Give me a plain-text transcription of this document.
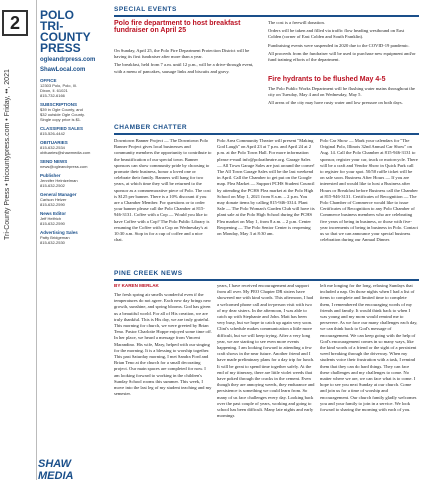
2
Tri-County Press • tricountypress.com • Friday, ••, 2021
POLO
TRI-COUNTY
PRESS
ogleandrpress.com
ShawLocal.com
OFFICE
12303 Polo, Polo, Ill.
Dixon, Il. 61021
815-732-6166
SUBSCRIPTIONS
$39 in Ogle County, and
$32 outside Ogle County.
Single copy price is $1.
CLASSIFIED SALES
815-526-4442
OBITUARIES
815-632-2534
obituaries@shawmedia.com
SEND NEWS
news@ogleandrpress.com
Publisher
Jennifer Heintzelman
815-632-2502
General Manager
Carlson Helzer
815-632-2590
News Editor
Jeff Helfrich
815-632-2590
Advertising Sales
Patty Bridgeman
815-632-2530
SHAW MEDIA
SPECIAL EVENTS
Polo fire department to host breakfast fundraiser on April 25

On Sunday, April 25, the Polo Fire Department Protection District will be having its first fundraiser after more than a year.

The breakfast, held from 7 a.m. until 12 p.m., will be a drive-through event, with a menu of pancakes, sausage links and biscuits and gravy.

The cost is a freewill donation.

Orders will be taken and filled via traffic flow heading westbound on East Colden (corner of East Colden and South Franklin).

Fundraising events were suspended in 2020 due to the COVID-19 pandemic.

All proceeds from the fundraiser will be used to purchase new equipment and/or fund training efforts of the department.

Fire hydrants to be flushed May 4-5

The Polo Public Works Department will be flushing water mains throughout the city on Tuesday, May 4 and on Wednesday, May 5.

All areas of the city may have rusty water and low pressure on both days.

CHAMBER CHATTER
Downtown Banner Project — The Downtown Polo Banner Project gives local businesses and community members the opportunity to contribute to the beautification of our special town. Banner sponsors can show community pride by choosing to promote their business, honor a loved one or celebrate their family. Banners will hang for two years, at which time they will be returned to the sponsor as a commemorative piece of Polo. The cost is $125 per banner. There is a 10% discount if you are a Chamber Member. For questions or to order your banner please call the Polo Chamber at 815-946-3131. Coffee with a Cop — Would you like to have Coffee with a Cop? The Polo Public Library is resuming the Coffee with a Cop on Wednesday's at 10:30 a.m. Stop in for a cup of coffee and a nice chat.
Polo Area Community Theatre will present "Making God Laugh" on April 23 at 7 p.m. and April 24 at 2 p.m. at the Polo Town Hall. For more information please e-mail info@poloatheatre.org. Garage Sales — All Town Garage Sales are just around the corner! The All Town Garage Sales will be the last weekend in April. Call the Chamber to get put on the Google map. Flea Market — Support PCHS Student Council by attending the PCHS Flea market at the Polo High School on May 1, 2021 from 8 a.m. – 2 p.m. You may donate items by calling 815-946-3314. Plant Sale — The Polo Woman's Garden Club will have its plant sale at the Polo High School during the PCHS Flea market on May 1, from 8 a.m. – 2 p.m. Center Reopening — The Polo Senior Center is reopening on Monday, May 3 at 8:30 am.
Polo Car Show — Mark your calendars for "The Original Polo, Illinois 32nd Annual Car Show" on Aug. 14. Call the Polo Chamber at 815-946-3131 to sponsor, register your car, truck or motorcycle. There will be a craft and Vendor Show in Quick Park call to register for your spot. 50/50 raffle ticket will be on sale soon. Business After Hours — If you are interested and would like to host a Business after Hours or Breakfast before Business call the Chamber at 815-946-3131. Certificates of Recognition — The Polo Chamber of Commerce would like to issue Certificates of Recognition to any Polo Chamber of Commerce business members who are celebrating five years of being in business, or those with five-year increments of being in business in Polo. Contact us so that we can announce your special business celebration during our Annual Dinner.
PINE CREEK NEWS
BY KAREN MERLAK
The fresh spring air smells wonderful even if the temperatures do not agree. Each new day brings new growth, sunshine, and spring blooms. God has given us a beautiful world. For all of His creation, we are truly thankful. This is His day, we are truly grateful. This morning for church, we were greeted by Brian Teno. Pastor Charlotte Hoppe enjoyed some time off. In her place, we heard a message from Vincent Marandino. His wife, Mary, helped with our singing for the morning. It is a blessing to worship together. This past Saturday morning, I met Sandra Ford and Brian Teno at the church for a small decorating project. Our main spaces are completed for now. I am looking forward to working in the children's Sunday School rooms this summer. This week, I move into the last leg of my student teaching and my semester.
years, I have received encouragement and support from all over. My PEO Chapter DR sisters have showered me with kind words. This afternoon, I had a welcomed phone call and in-person visit with two of my dear sisters. In the afternoon, I was able to catch up with Stephanie and John. Matt has been very busy, but we hope to catch up again very soon. Clint's schedule makes communication a little more difficult, but we will keep trying. After a very long year, we are starting to see even more events happening. I am looking forward to attending a few craft shows in the near future. Another friend and I have made preliminary plans for a day trip for lunch. It will be great to spend time together safely. At the end of my itinerary, there are little violet weeds that have poked through the cracks in the cement. Even though they are annoying weeds, they endurance and persistence is something we could learn from. So many of us face challenges every day. Looking back over the past couple of years, working and going to school has been difficult. Many late nights and early mornings
left me longing for the long, relaxing Sundays that included a nap. On those nights when I had a list of items to complete and limited time to complete them, I remembered the encouraging words of my friends and family. It would think back to when I was young and my mom would remind me to persevere. As we face our many challenges each day, we can think back to God's message of encouragement. We can keep going with the help of God's encouragement comes in so many ways, like the kind words of a friend or the sight of a persistent weed breaking through the driveway. When my students voice their frustration with a task, I remind them that they can do hard things. They can face these challenges and my challenges to come. No matter where we are, we can face what is to come. I hope to see you next Sunday at our church. Come and join us for a time of worship and encouragement. Our church family gladly welcomes you and your family to join in a service. We look forward to sharing the morning with each of you.
